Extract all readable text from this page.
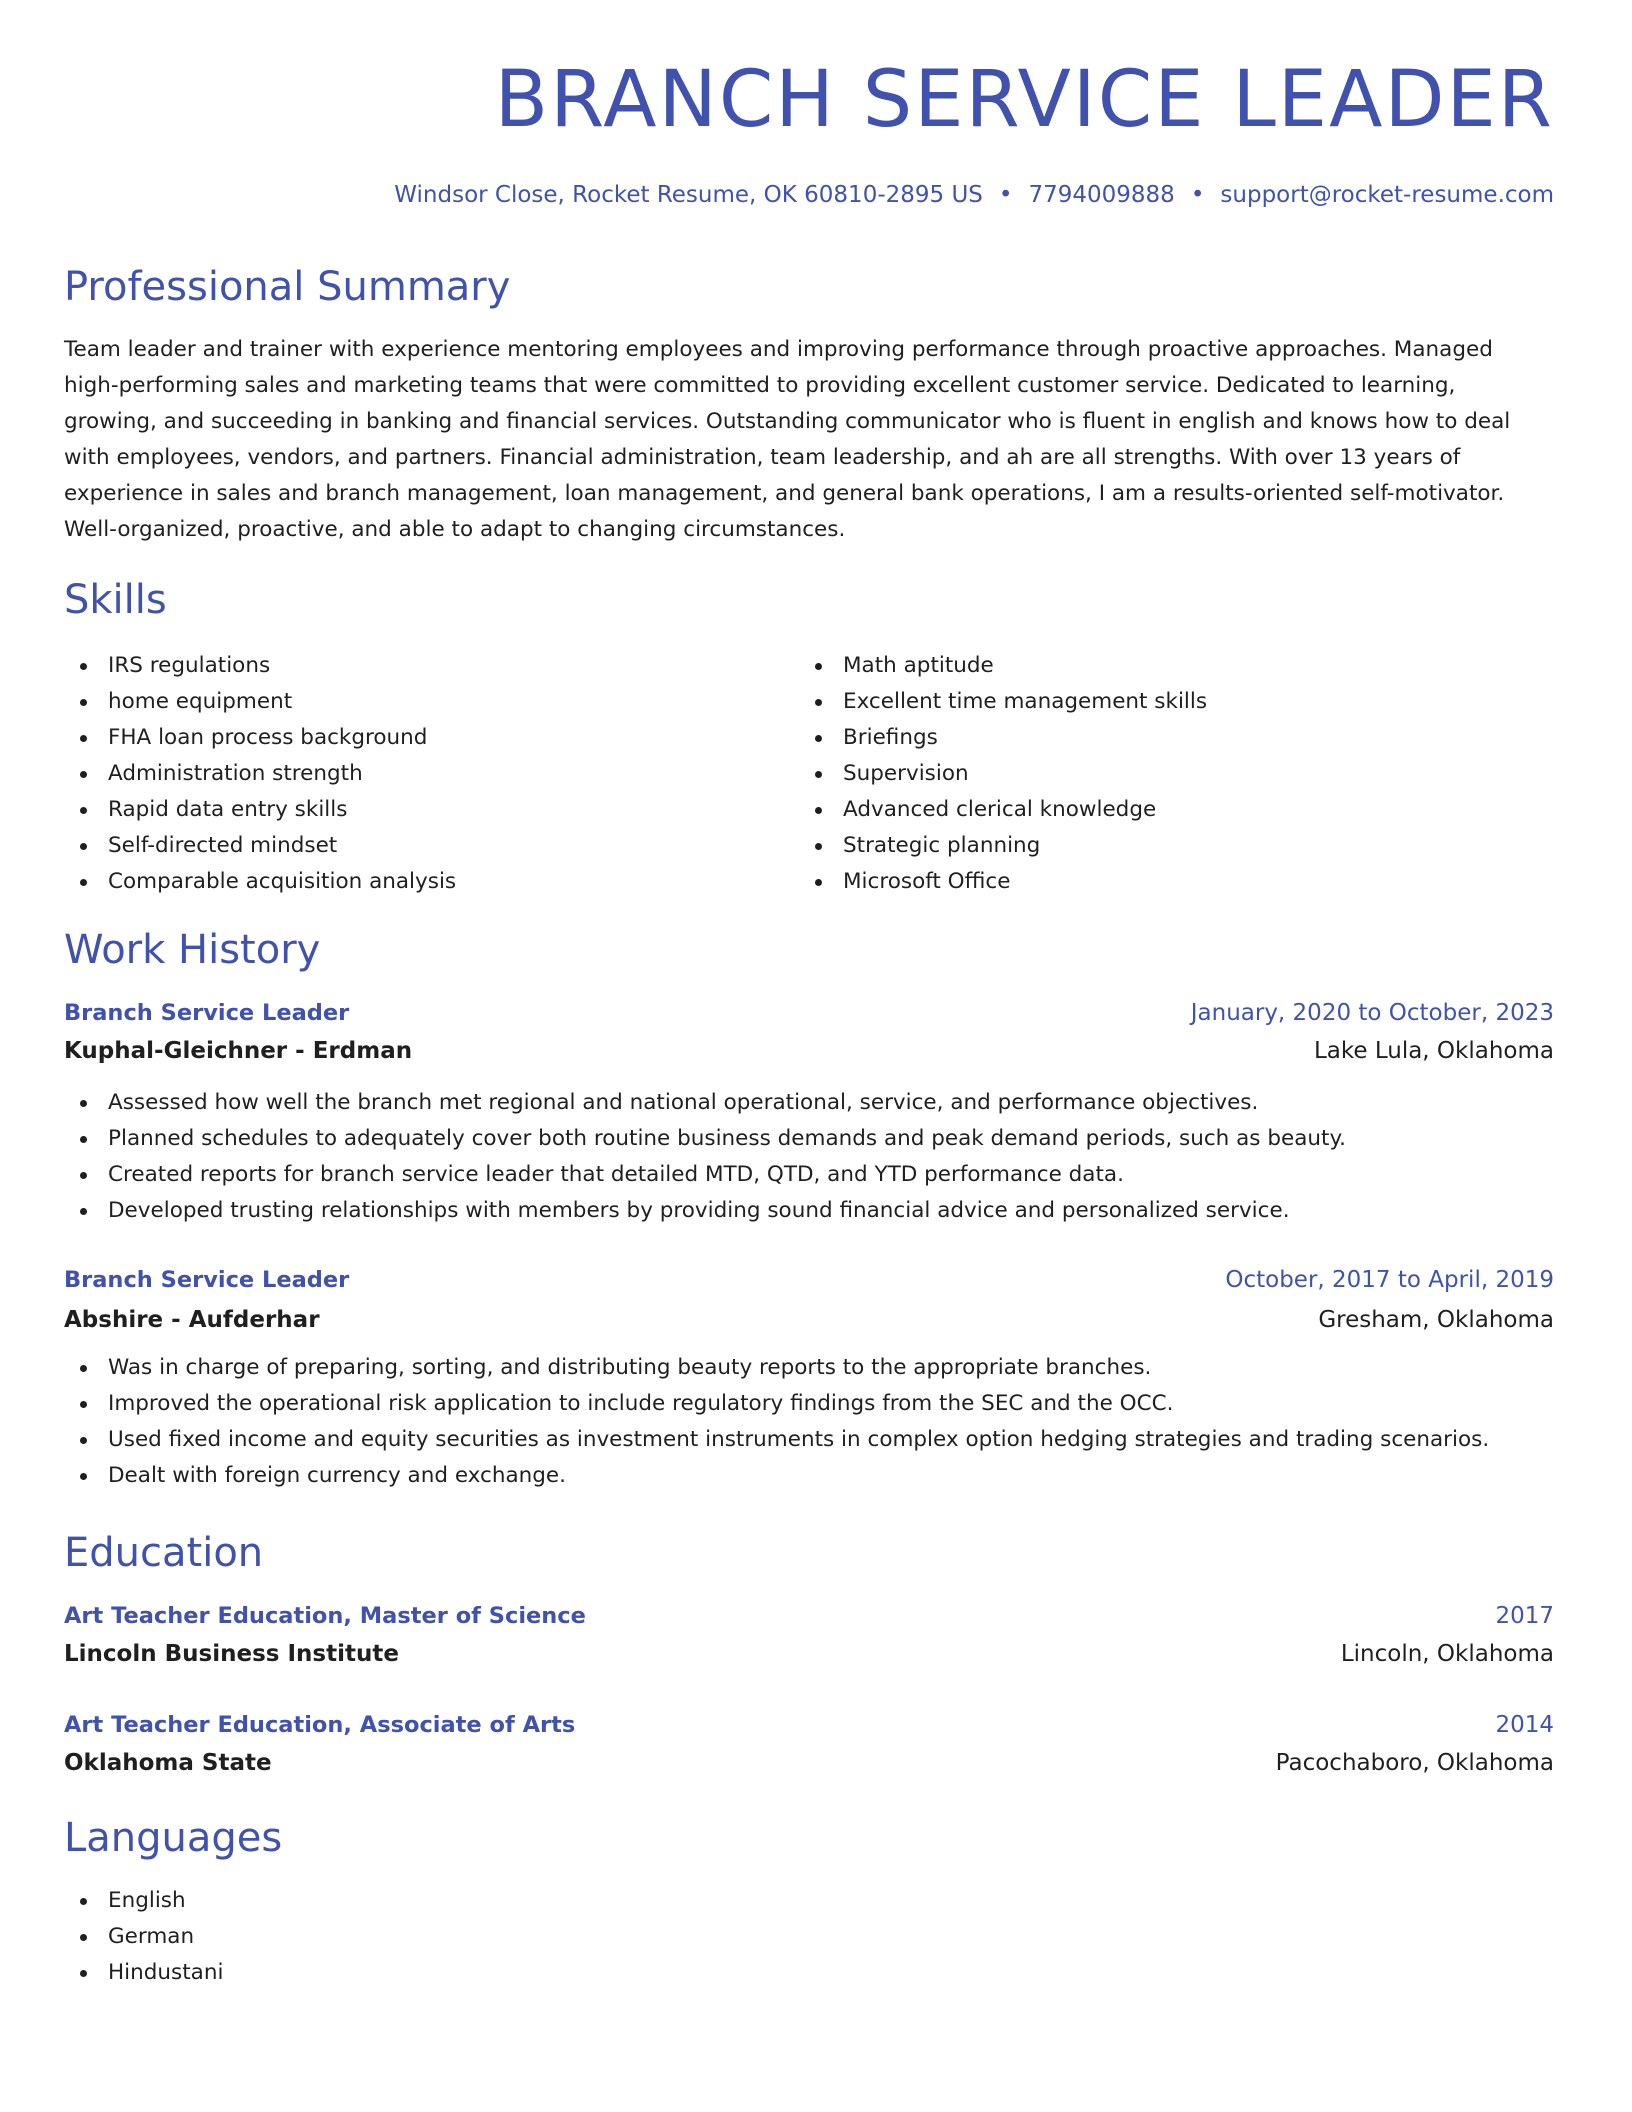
BRANCH SERVICE LEADER

Windsor Close, Rocket Resume, OK 60810-2895 US • 7794009888 • support@rocket-resume.com

Professional Summary

Team leader and trainer with experience mentoring employees and improving performance through proactive approaches. Managed high-performing sales and marketing teams that were committed to providing excellent customer service. Dedicated to learning, growing, and succeeding in banking and financial services. Outstanding communicator who is fluent in english and knows how to deal with employees, vendors, and partners. Financial administration, team leadership, and ah are all strengths. With over 13 years of experience in sales and branch management, loan management, and general bank operations, I am a results-oriented self-motivator. Well-organized, proactive, and able to adapt to changing circumstances.

Skills
IRS regulations
home equipment
FHA loan process background
Administration strength
Rapid data entry skills
Self-directed mindset
Comparable acquisition analysis
Math aptitude
Excellent time management skills
Briefings
Supervision
Advanced clerical knowledge
Strategic planning
Microsoft Office
Work History
Branch Service Leader	January, 2020 to October, 2023
Kuphal-Gleichner - Erdman	Lake Lula, Oklahoma
Assessed how well the branch met regional and national operational, service, and performance objectives.
Planned schedules to adequately cover both routine business demands and peak demand periods, such as beauty.
Created reports for branch service leader that detailed MTD, QTD, and YTD performance data.
Developed trusting relationships with members by providing sound financial advice and personalized service.
Branch Service Leader	October, 2017 to April, 2019
Abshire - Aufderhar	Gresham, Oklahoma
Was in charge of preparing, sorting, and distributing beauty reports to the appropriate branches.
Improved the operational risk application to include regulatory findings from the SEC and the OCC.
Used fixed income and equity securities as investment instruments in complex option hedging strategies and trading scenarios.
Dealt with foreign currency and exchange.
Education
Art Teacher Education, Master of Science	2017
Lincoln Business Institute	Lincoln, Oklahoma
Art Teacher Education, Associate of Arts	2014
Oklahoma State	Pacochaboro, Oklahoma
Languages
English
German
Hindustani
